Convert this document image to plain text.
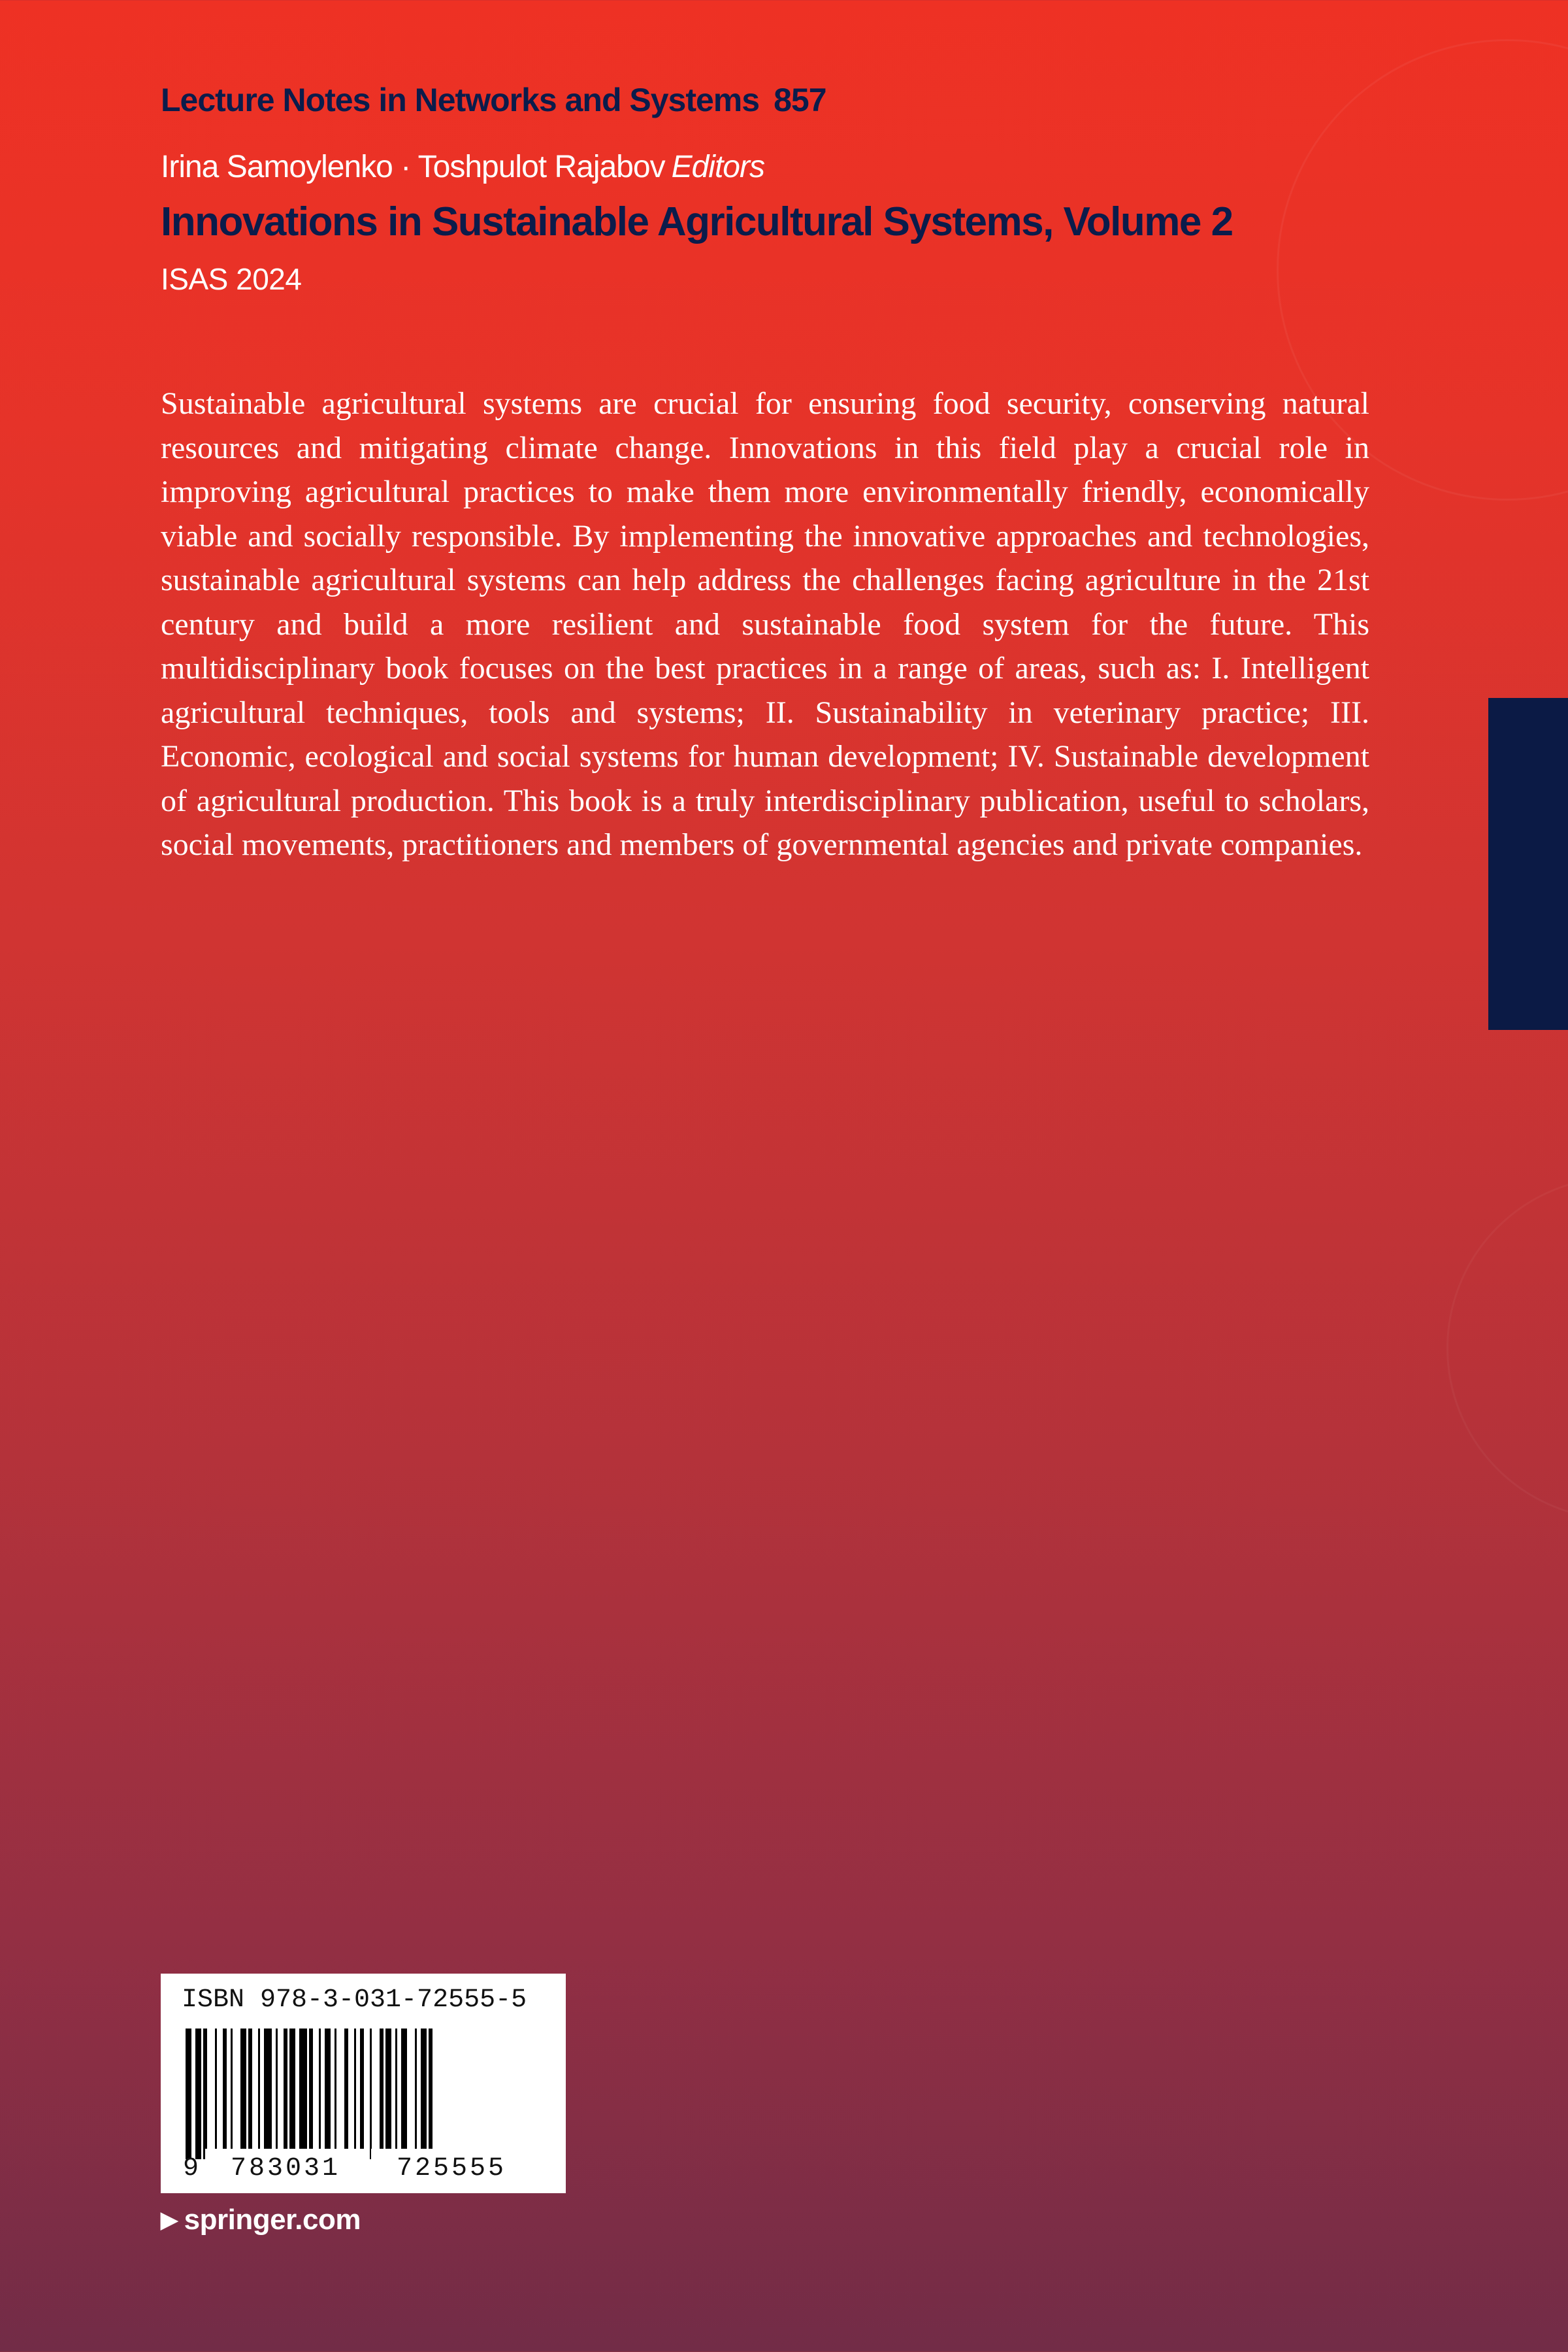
Lecture Notes in Networks and Systems 857
Irina Samoylenko · Toshpulot Rajabov Editors
Innovations in Sustainable Agricultural Systems, Volume 2
ISAS 2024

Sustainable agricultural systems are crucial for ensuring food security, conserving natural resources and mitigating climate change. Innovations in this field play a crucial role in improving agricultural practices to make them more environmentally friendly, economically viable and socially responsible. By implementing the innovative approaches and technologies, sustainable agricultural systems can help address the challenges facing agriculture in the 21st century and build a more resilient and sustainable food system for the future. This multidisciplinary book focuses on the best practices in a range of areas, such as: I. Intelligent agricultural techniques, tools and systems; II. Sustainability in veterinary practice; III. Economic, ecological and social systems for human development; IV. Sustainable development of agricultural production. This book is a truly interdisciplinary publication, useful to scholars, social movements, practitioners and members of governmental agencies and private companies.

ISBN 978-3-031-72555-5
9 783031 725555
▶ springer.com
